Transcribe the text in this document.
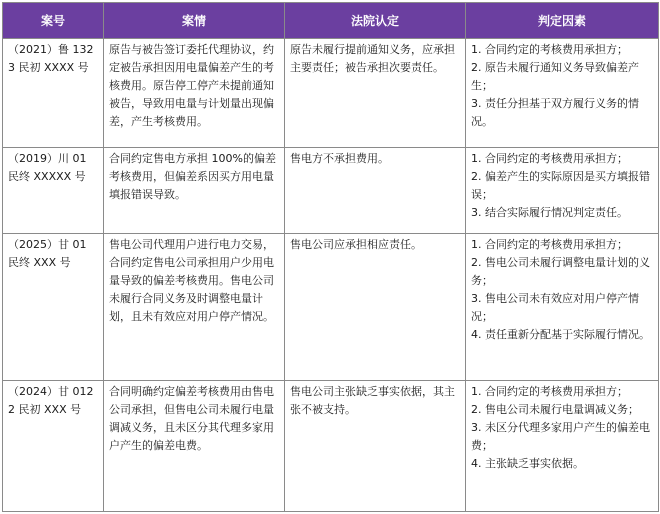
案号	案情	法院认定	判定因素
（2021）鲁 1323 民初 XXXX 号	原告与被告签订委托代理协议，约定被告承担因用电量偏差产生的考核费用。原告停工停产未提前通知被告，导致用电量与计划量出现偏差，产生考核费用。	原告未履行提前通知义务，应承担主要责任；被告承担次要责任。	1. 合同约定的考核费用承担方；
2. 原告未履行通知义务导致偏差产生；
3. 责任分担基于双方履行义务的情况。

（2019）川 01 民终 XXXXX 号	合同约定售电方承担 100%的偏差考核费用，但偏差系因买方用电量填报错误导致。	售电方不承担费用。	1. 合同约定的考核费用承担方；
2. 偏差产生的实际原因是买方填报错误；
3. 结合实际履行情况判定责任。

（2025）甘 01 民终 XXX 号	售电公司代理用户进行电力交易，合同约定售电公司承担用户少用电量导致的偏差考核费用。售电公司未履行合同义务及时调整电量计划，且未有效应对用户停产情况。	售电公司应承担相应责任。	1. 合同约定的考核费用承担方；
2. 售电公司未履行调整电量计划的义务；
3. 售电公司未有效应对用户停产情况；
4. 责任重新分配基于实际履行情况。

（2024）甘 0122 民初 XXX 号	合同明确约定偏差考核费用由售电公司承担，但售电公司未履行电量调减义务，且未区分其代理多家用户产生的偏差电费。	售电公司主张缺乏事实依据，其主张不被支持。	1. 合同约定的考核费用承担方；
2. 售电公司未履行电量调减义务；
3. 未区分代理多家用户产生的偏差电费；
4. 主张缺乏事实依据。
